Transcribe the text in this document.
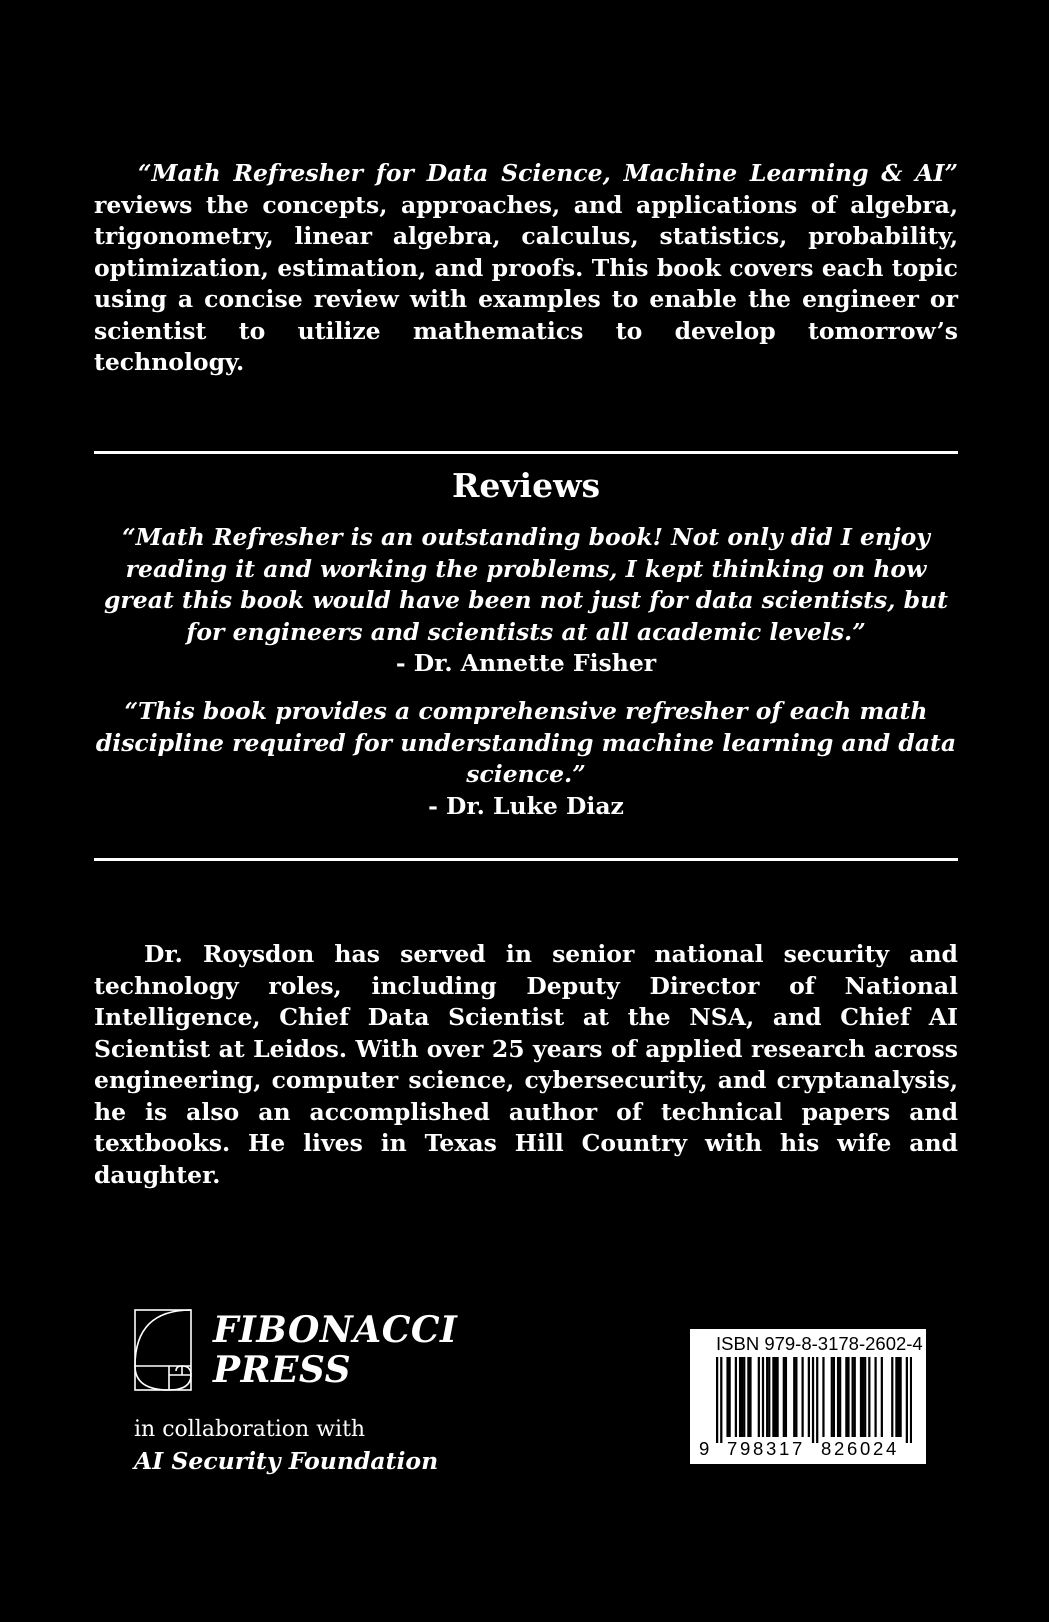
“Math Refresher for Data Science, Machine Learning & AI” reviews the concepts, approaches, and applications of algebra, trigonometry, linear algebra, calculus, statistics, probability, optimization, estimation, and proofs. This book covers each topic using a concise review with examples to enable the engineer or scientist to utilize mathematics to develop tomorrow’s technology.

Reviews

“Math Refresher is an outstanding book! Not only did I enjoy reading it and working the problems, I kept thinking on how great this book would have been not just for data scientists, but for engineers and scientists at all academic levels.”
- Dr. Annette Fisher

“This book provides a comprehensive refresher of each math discipline required for understanding machine learning and data science.”
- Dr. Luke Diaz

Dr. Roysdon has served in senior national security and technology roles, including Deputy Director of National Intelligence, Chief Data Scientist at the NSA, and Chief AI Scientist at Leidos. With over 25 years of applied research across engineering, computer science, cybersecurity, and cryptanalysis, he is also an accomplished author of technical papers and textbooks. He lives in Texas Hill Country with his wife and daughter.

FIBONACCI
PRESS
in collaboration with
AI Security Foundation
ISBN 979-8-3178-2602-4
9 798317 826024
